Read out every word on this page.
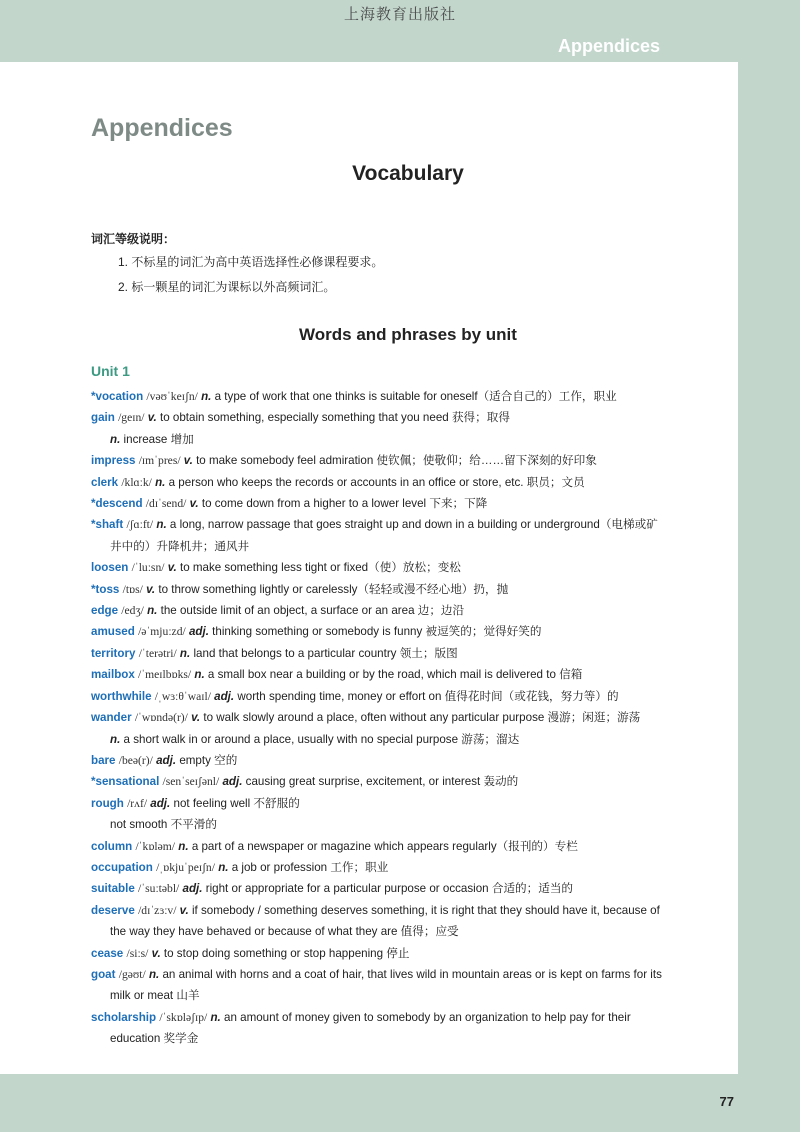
上海教育出版社
Appendices
Appendices
Vocabulary
词汇等级说明：
1. 不标星的词汇为高中英语选择性必修课程要求。
2. 标一颗星的词汇为课标以外高频词汇。
Words and phrases by unit
Unit 1
*vocation /vəʊˈkeɪʃn/ n. a type of work that one thinks is suitable for oneself（适合自己的）工作，职业
gain /geɪn/ v. to obtain something, especially something that you need 获得；取得
n. increase 增加
impress /ɪmˈpres/ v. to make somebody feel admiration 使钦佩；使敬仰；给……留下深刻的好印象
clerk /klɑːk/ n. a person who keeps the records or accounts in an office or store, etc. 职员；文员
*descend /dɪˈsend/ v. to come down from a higher to a lower level 下来；下降
*shaft /ʃɑːft/ n. a long, narrow passage that goes straight up and down in a building or underground（电梯或矿
井中的）升降机井；通风井
loosen /ˈluːsn/ v. to make something less tight or fixed（使）放松；变松
*toss /tɒs/ v. to throw something lightly or carelessly（轻轻或漫不经心地）扔，抛
edge /edʒ/ n. the outside limit of an object, a surface or an area 边；边沿
amused /əˈmjuːzd/ adj. thinking something or somebody is funny 被逗笑的；觉得好笑的
territory /ˈterətri/ n. land that belongs to a particular country 领土；版图
mailbox /ˈmeɪlbɒks/ n. a small box near a building or by the road, which mail is delivered to 信箱
worthwhile /ˌwɜːθˈwaɪl/ adj. worth spending time, money or effort on 值得花时间（或花钱，努力等）的
wander /ˈwɒndə(r)/ v. to walk slowly around a place, often without any particular purpose 漫游；闲逛；游荡
n. a short walk in or around a place, usually with no special purpose 游荡；溜达
bare /beə(r)/ adj. empty 空的
*sensational /senˈseɪʃənl/ adj. causing great surprise, excitement, or interest 轰动的
rough /rʌf/ adj. not feeling well 不舒服的
not smooth 不平滑的
column /ˈkɒləm/ n. a part of a newspaper or magazine which appears regularly（报刊的）专栏
occupation /ˌɒkjuˈpeɪʃn/ n. a job or profession 工作；职业
suitable /ˈsuːtəbl/ adj. right or appropriate for a particular purpose or occasion 合适的；适当的
deserve /dɪˈzɜːv/ v. if somebody / something deserves something, it is right that they should have it, because of
the way they have behaved or because of what they are 值得；应受
cease /siːs/ v. to stop doing something or stop happening 停止
goat /gəʊt/ n. an animal with horns and a coat of hair, that lives wild in mountain areas or is kept on farms for its
milk or meat 山羊
scholarship /ˈskɒləʃɪp/ n. an amount of money given to somebody by an organization to help pay for their
education 奖学金
77
